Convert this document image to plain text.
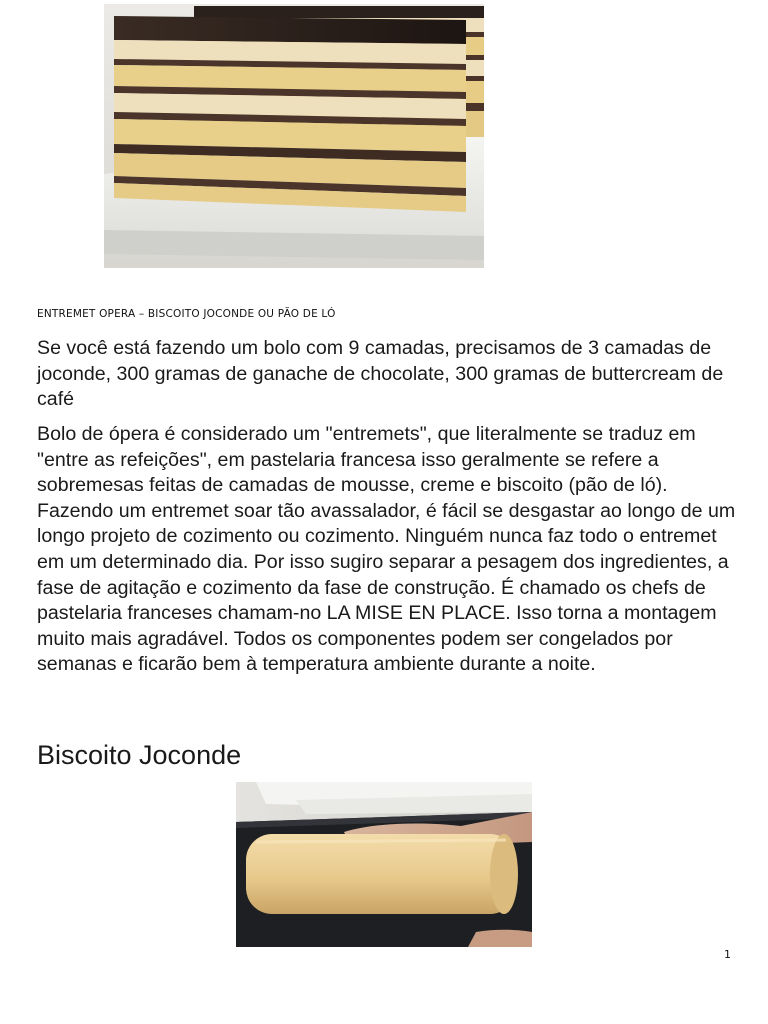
ENTREMET OPERA – BISCOITO JOCONDE OU PÃO DE LÓ

Se você está fazendo um bolo com 9 camadas, precisamos de 3 camadas de joconde, 300 gramas de ganache de chocolate, 300 gramas de buttercream de café

Bolo de ópera é considerado um "entremets", que literalmente se traduz em "entre as refeições", em pastelaria francesa isso geralmente se refere a sobremesas feitas de camadas de mousse, creme e biscoito (pão de ló). Fazendo um entremet soar tão avassalador, é fácil se desgastar ao longo de um longo projeto de cozimento ou cozimento. Ninguém nunca faz todo o entremet em um determinado dia. Por isso sugiro separar a pesagem dos ingredientes, a fase de agitação e cozimento da fase de construção. É chamado os chefs de pastelaria franceses chamam-no LA MISE EN PLACE. Isso torna a montagem muito mais agradável. Todos os componentes podem ser congelados por semanas e ficarão bem à temperatura ambiente durante a noite.

Biscoito Joconde
1
